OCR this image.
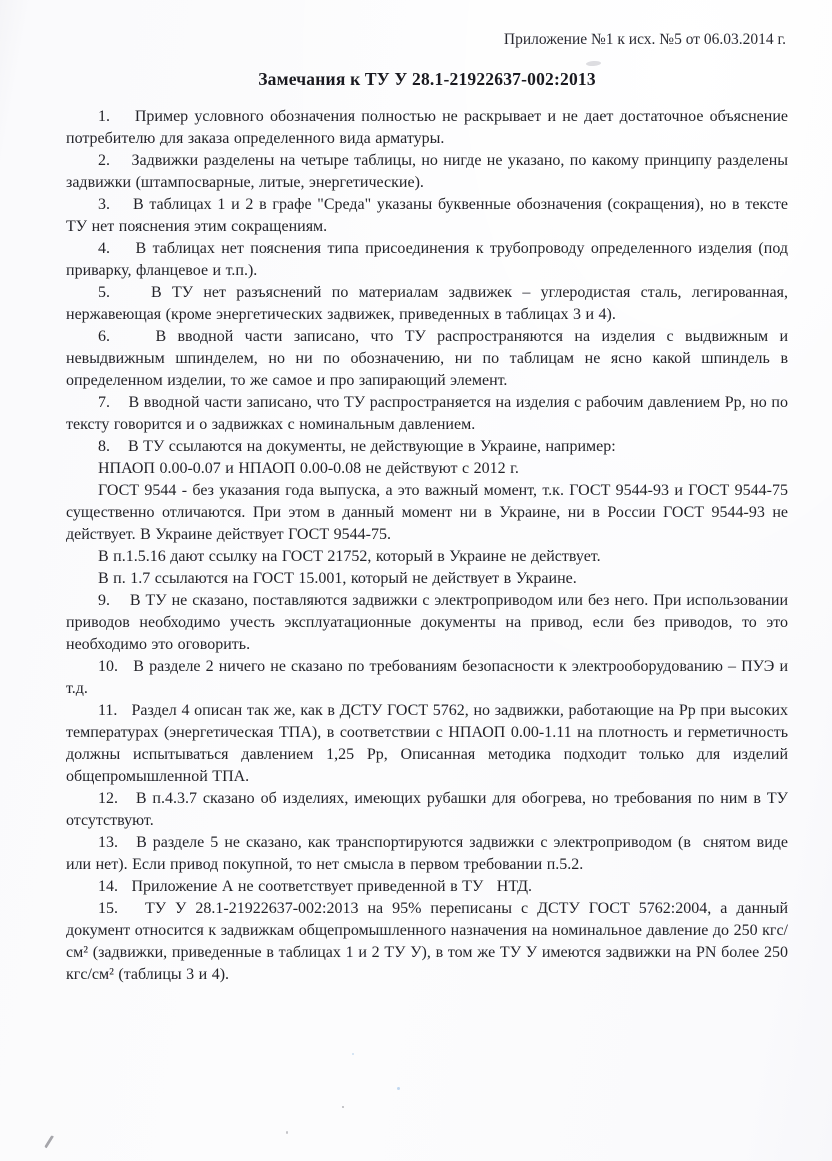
Приложение №1 к исх. №5 от 06.03.2014 г.
Замечания к ТУ У 28.1-21922637-002:2013

1.    Пример условного обозначения полностью не раскрывает и не дает достаточное объяснение потребителю для заказа определенного вида арматуры.

2.    Задвижки разделены на четыре таблицы, но нигде не указано, по какому принципу разделены задвижки (штампосварные, литые, энергетические).

3.    В таблицах 1 и 2 в графе "Среда" указаны буквенные обозначения (сокращения), но в тексте ТУ нет пояснения этим сокращениям.

4.    В таблицах нет пояснения типа присоединения к трубопроводу определенного изделия (под приварку, фланцевое и т.п.).

5.    В ТУ нет разъяснений по материалам задвижек – углеродистая сталь, легированная, нержавеющая (кроме энергетических задвижек, приведенных в таблицах 3 и 4).

6.    В вводной части записано, что ТУ распространяются на изделия с выдвижным и невыдвижным шпинделем, но ни по обозначению, ни по таблицам не ясно какой шпиндель в определенном изделии, то же самое и про запирающий элемент.

7.    В вводной части записано, что ТУ распространяется на изделия с рабочим давлением Рр, но по тексту говорится и о задвижках с номинальным давлением.

8.    В ТУ ссылаются на документы, не действующие в Украине, например:

НПАОП 0.00-0.07 и НПАОП 0.00-0.08 не действуют с 2012 г.

ГОСТ 9544 - без указания года выпуска, а это важный момент, т.к. ГОСТ 9544-93 и ГОСТ 9544-75 существенно отличаются. При этом в данный момент ни в Украине, ни в России ГОСТ 9544-93 не действует. В Украине действует ГОСТ 9544-75.

В п.1.5.16 дают ссылку на ГОСТ 21752, который в Украине не действует.

В п. 1.7 ссылаются на ГОСТ 15.001, который не действует в Украине.

9.    В ТУ не сказано, поставляются задвижки с электроприводом или без него. При использовании приводов необходимо учесть эксплуатационные документы на привод, если без приводов, то это необходимо это оговорить.

10.   В разделе 2 ничего не сказано по требованиям безопасности к электрооборудованию – ПУЭ и т.д.

11.   Раздел 4 описан так же, как в ДСТУ ГОСТ 5762, но задвижки, работающие на Рр при высоких температурах (энергетическая ТПА), в соответствии с НПАОП 0.00-1.11 на плотность и герметичность должны испытываться давлением 1,25 Рр, Описанная методика подходит только для изделий общепромышленной ТПА.

12.   В п.4.3.7 сказано об изделиях, имеющих рубашки для обогрева, но требования по ним в ТУ отсутствуют.

13.   В разделе 5 не сказано, как транспортируются задвижки с электроприводом (в  снятом виде или нет). Если привод покупной, то нет смысла в первом требовании п.5.2.

14.   Приложение А не соответствует приведенной в ТУ   НТД.

15.   ТУ У 28.1-21922637-002:2013 на 95% переписаны с ДСТУ ГОСТ 5762:2004, а данный документ относится к задвижкам общепромышленного назначения на номинальное давление до 250 кгс/см² (задвижки, приведенные в таблицах 1 и 2 ТУ У), в том же ТУ У имеются задвижки на PN более 250 кгс/см² (таблицы 3 и 4).
